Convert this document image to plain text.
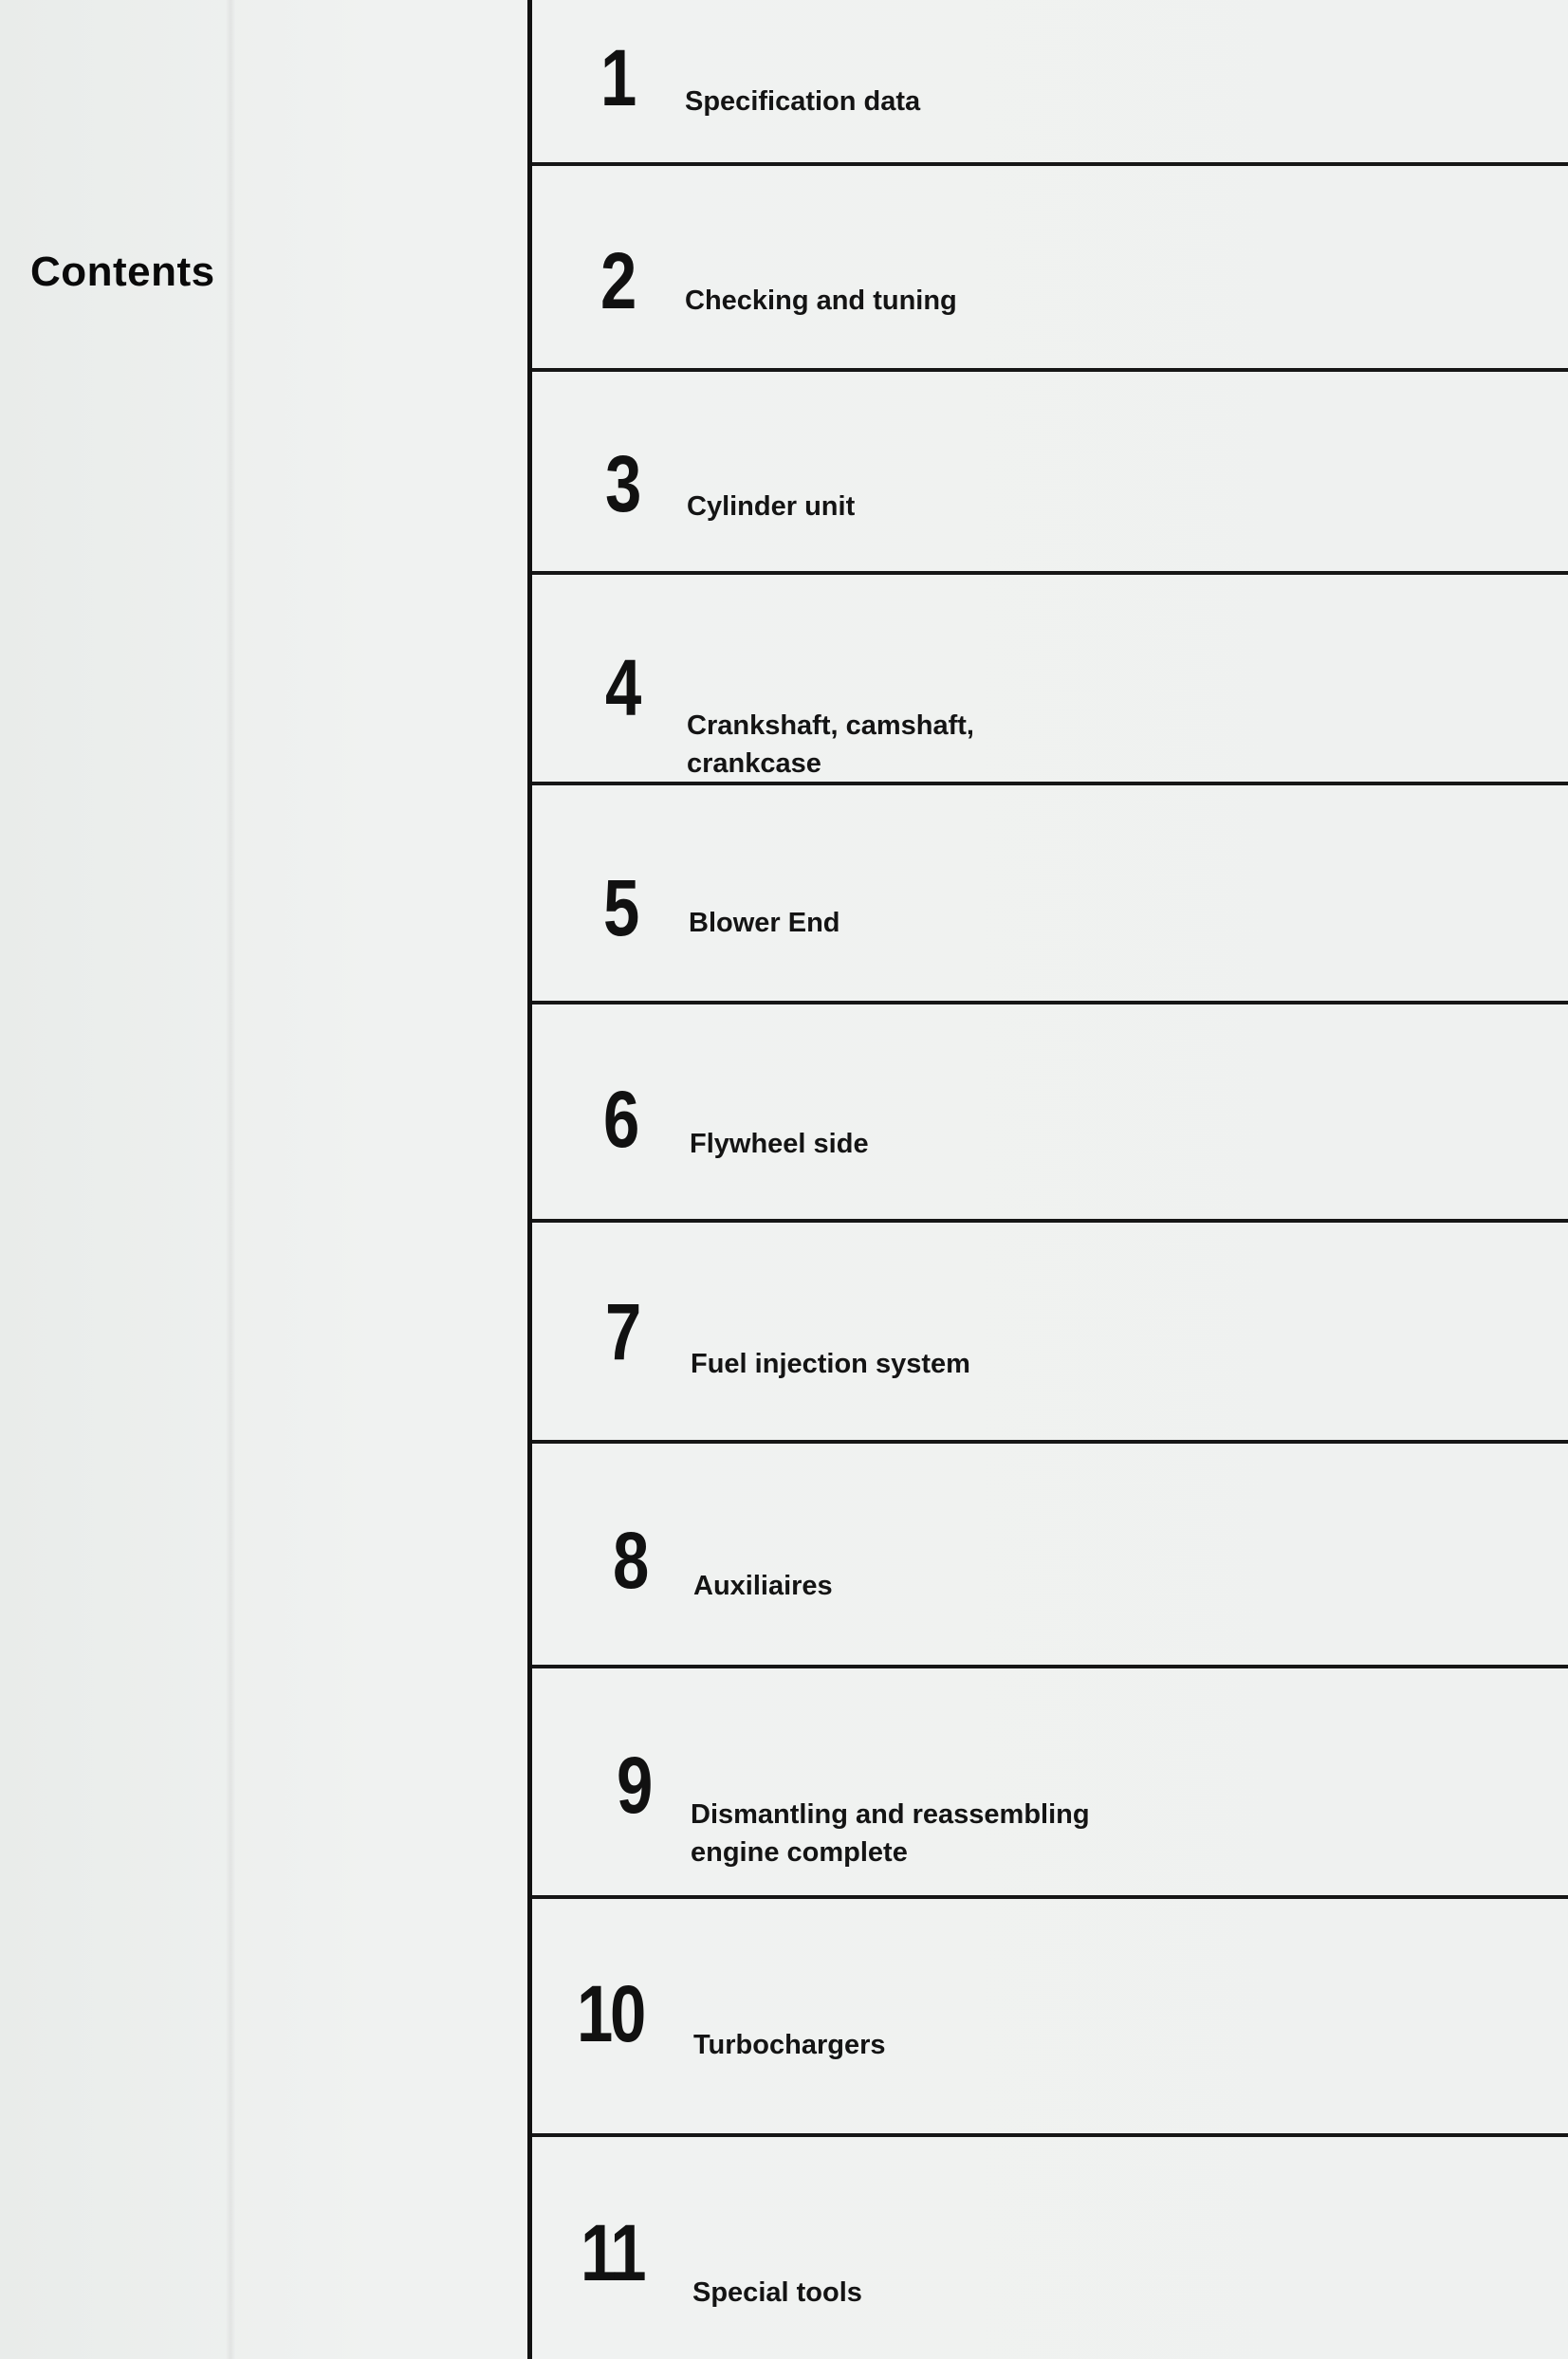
Contents
1 Specification data
2 Checking and tuning
3 Cylinder unit
4 Crankshaft, camshaft,
crankcase
5 Blower End
6 Flywheel side
7 Fuel injection system
8 Auxiliaires
9 Dismantling and reassembling
engine complete
10 Turbochargers
11 Special tools
